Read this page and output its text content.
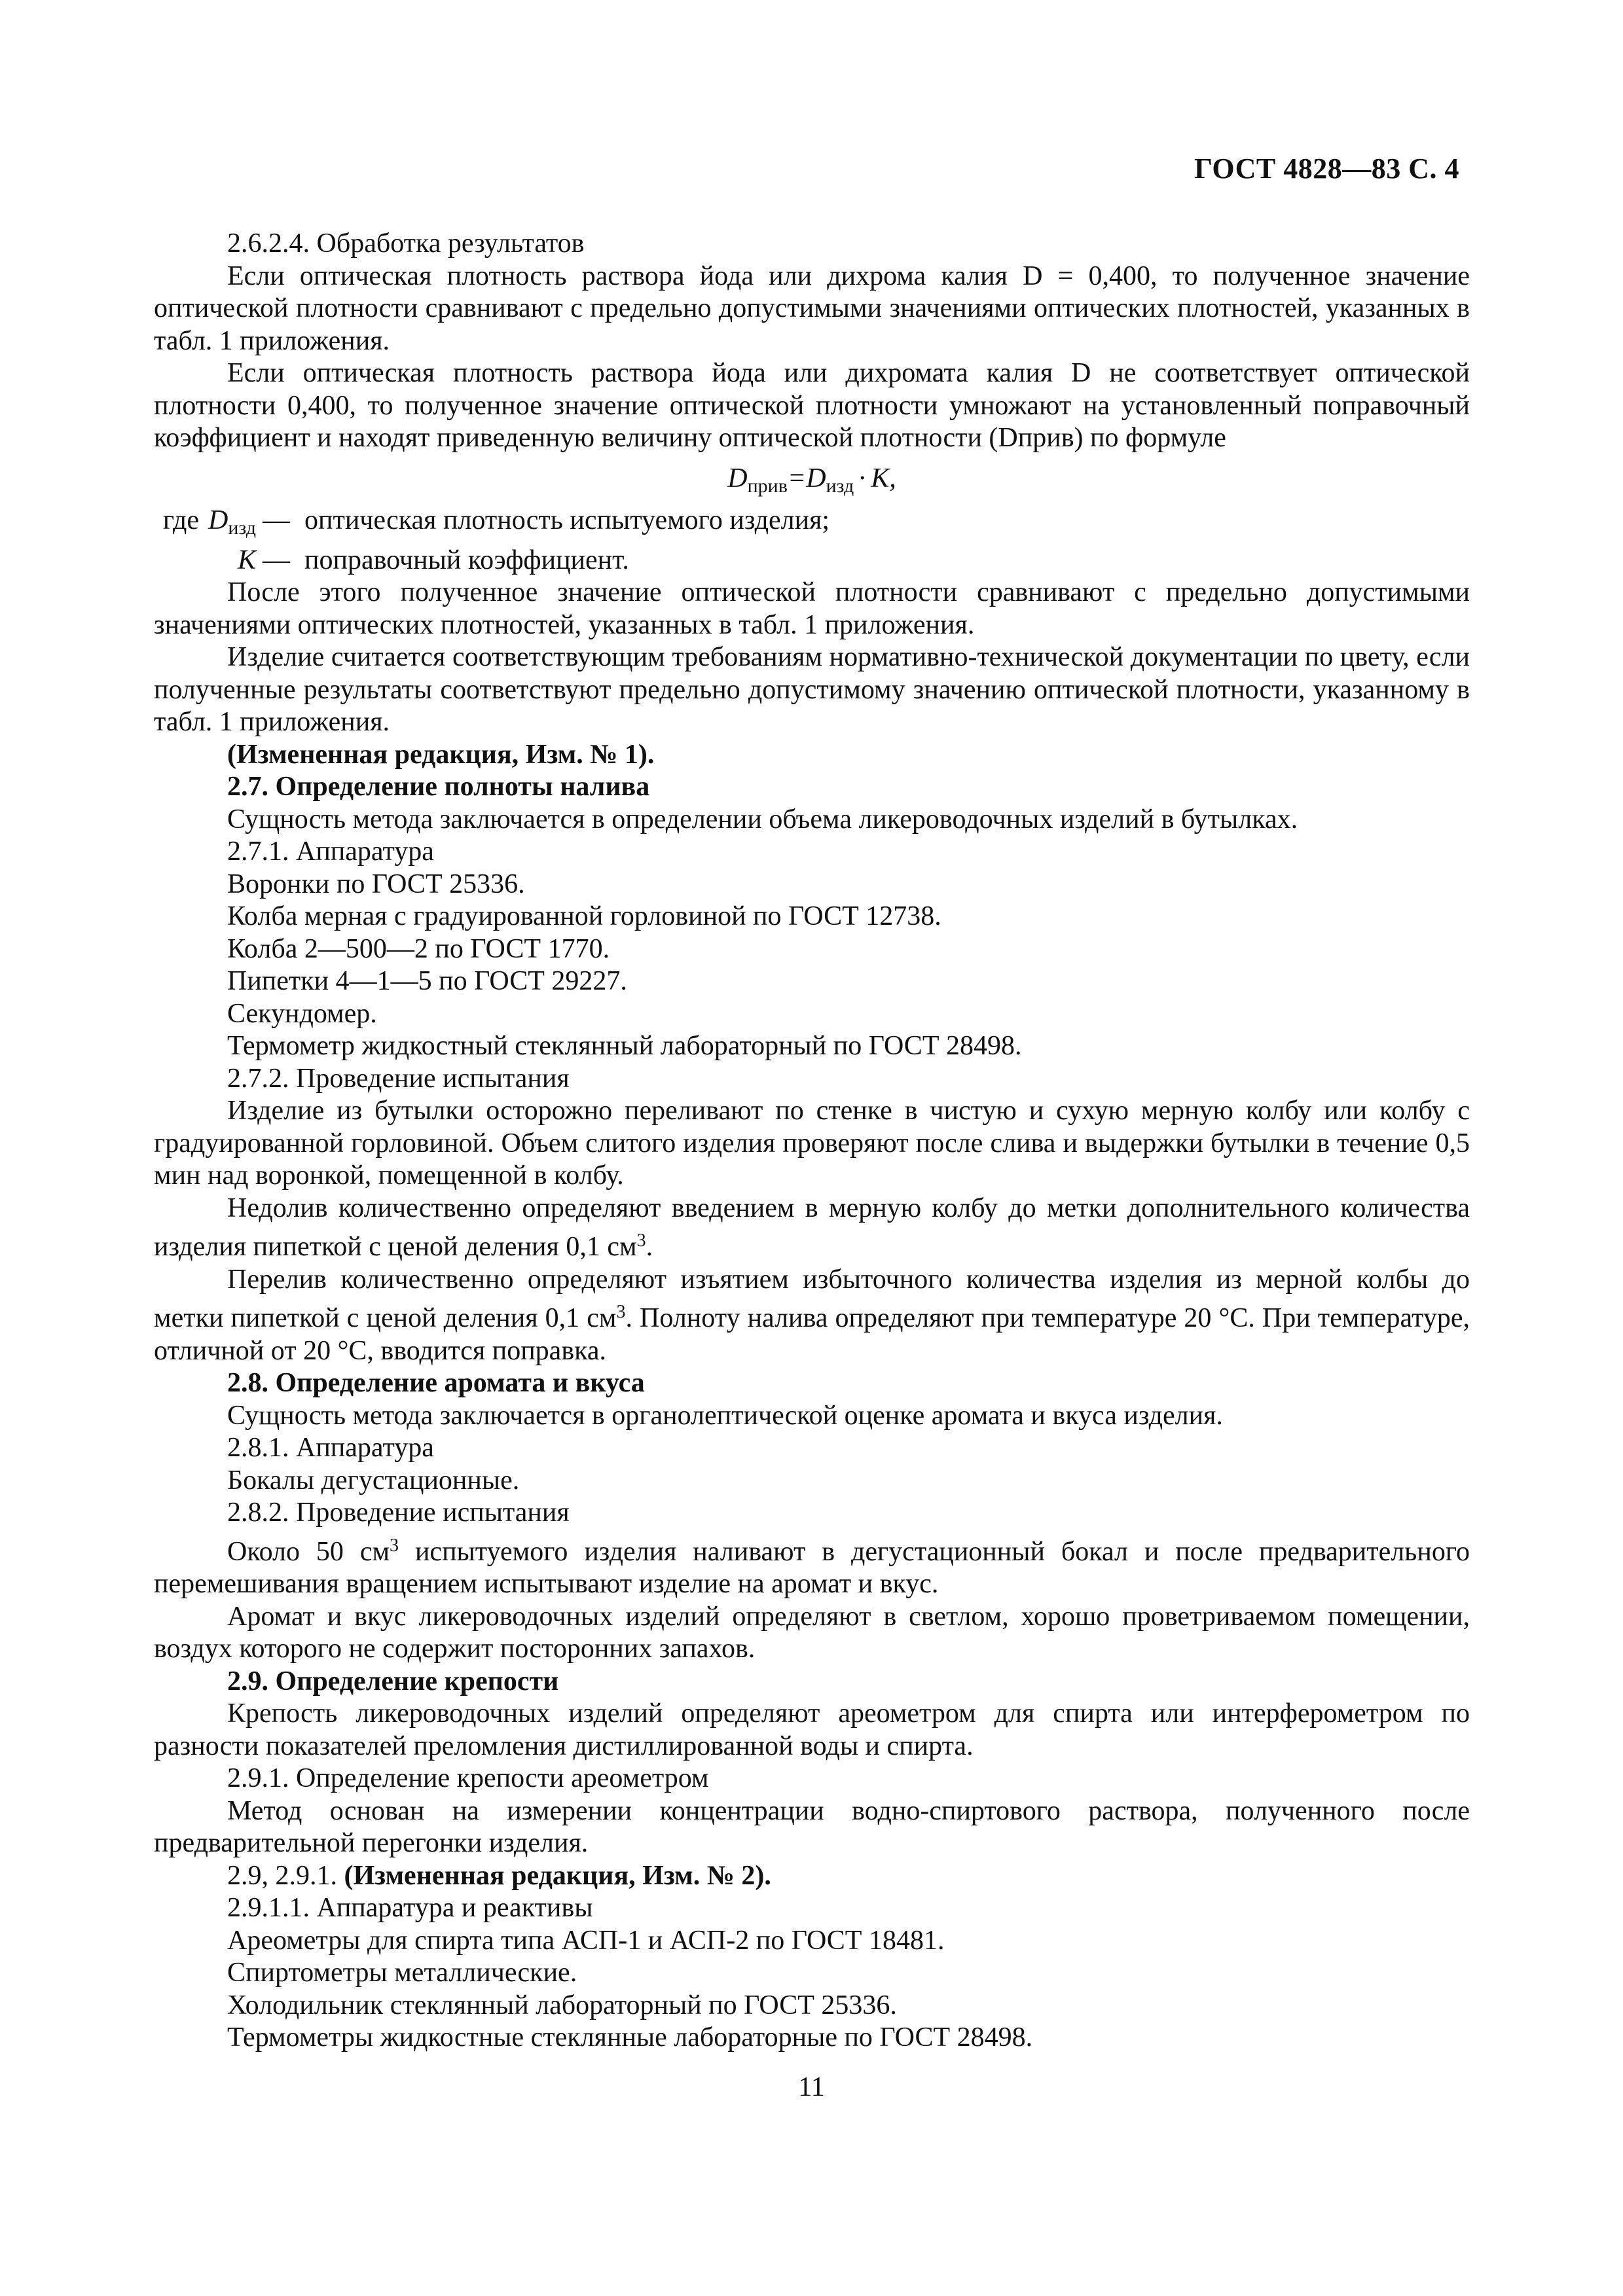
ГОСТ 4828—83 С. 4

2.6.2.4. Обработка результатов

Если оптическая плотность раствора йода или дихрома калия D = 0,400, то полученное значение оптической плотности сравнивают с предельно допустимыми значениями оптических плотностей, указанных в табл. 1 приложения.

Если оптическая плотность раствора йода или дихромата калия D не соответствует оптической плотности 0,400, то полученное значение оптической плотности умножают на установленный поправочный коэффициент и находят приведенную величину оптической плотности (Dприв) по формуле

$D_{прив}=D_{изд} \cdot K$,

где $D_{изд}$ — оптическая плотность испытуемого изделия;
K — поправочный коэффициент.

После этого полученное значение оптической плотности сравнивают с предельно допустимыми значениями оптических плотностей, указанных в табл. 1 приложения.

Изделие считается соответствующим требованиям нормативно-технической документации по цвету, если полученные результаты соответствуют предельно допустимому значению оптической плотности, указанному в табл. 1 приложения.

(Измененная редакция, Изм. № 1).

2.7. Определение полноты налива

Сущность метода заключается в определении объема ликероводочных изделий в бутылках.

2.7.1. Аппаратура

Воронки по ГОСТ 25336.

Колба мерная с градуированной горловиной по ГОСТ 12738.

Колба 2—500—2 по ГОСТ 1770.

Пипетки 4—1—5 по ГОСТ 29227.

Секундомер.

Термометр жидкостный стеклянный лабораторный по ГОСТ 28498.

2.7.2. Проведение испытания

Изделие из бутылки осторожно переливают по стенке в чистую и сухую мерную колбу или колбу с градуированной горловиной. Объем слитого изделия проверяют после слива и выдержки бутылки в течение 0,5 мин над воронкой, помещенной в колбу.

Недолив количественно определяют введением в мерную колбу до метки дополнительного количества изделия пипеткой с ценой деления 0,1 $см^3$.

Перелив количественно определяют изъятием избыточного количества изделия из мерной колбы до метки пипеткой с ценой деления 0,1 $см^3$. Полноту налива определяют при температуре 20 °С. При температуре, отличной от 20 °С, вводится поправка.

2.8. Определение аромата и вкуса

Сущность метода заключается в органолептической оценке аромата и вкуса изделия.

2.8.1. Аппаратура

Бокалы дегустационные.

2.8.2. Проведение испытания

Около 50 $см^3$ испытуемого изделия наливают в дегустационный бокал и после предварительного перемешивания вращением испытывают изделие на аромат и вкус.

Аромат и вкус ликероводочных изделий определяют в светлом, хорошо проветриваемом помещении, воздух которого не содержит посторонних запахов.

2.9. Определение крепости

Крепость ликероводочных изделий определяют ареометром для спирта или интерферометром по разности показателей преломления дистиллированной воды и спирта.

2.9.1. Определение крепости ареометром

Метод основан на измерении концентрации водно-спиртового раствора, полученного после предварительной перегонки изделия.

2.9, 2.9.1. (Измененная редакция, Изм. № 2).

2.9.1.1. Аппаратура и реактивы

Ареометры для спирта типа АСП-1 и АСП-2 по ГОСТ 18481.

Спиртометры металлические.

Холодильник стеклянный лабораторный по ГОСТ 25336.

Термометры жидкостные стеклянные лабораторные по ГОСТ 28498.

11
